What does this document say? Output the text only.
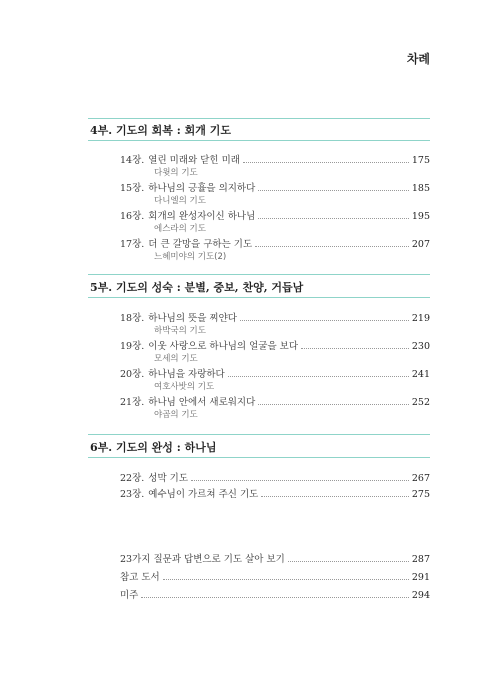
차례
4부. 기도의 회복 : 회개 기도
14장. 열린 미래와 닫힌 미래	175
다윗의 기도
15장. 하나님의 긍휼을 의지하다	185
다니엘의 기도
16장. 회개의 완성자이신 하나님	195
에스라의 기도
17장. 더 큰 갈망을 구하는 기도	207
느헤미야의 기도(2)
5부. 기도의 성숙 : 분별, 중보, 찬양, 거듭남
18장. 하나님의 뜻을 찌얀다	219
하박국의 기도
19장. 이웃 사랑으로 하나님의 얼굴을 보다	230
모세의 기도
20장. 하나님을 자랑하다	241
여호사밧의 기도
21장. 하나님 안에서 새로워지다	252
야곱의 기도
6부. 기도의 완성 : 하나님
22장. 성막 기도	267
23장. 예수님이 가르쳐 주신 기도	275
23가지 질문과 답변으로 기도 살아 보기	287
참고 도서	291
미주	294
